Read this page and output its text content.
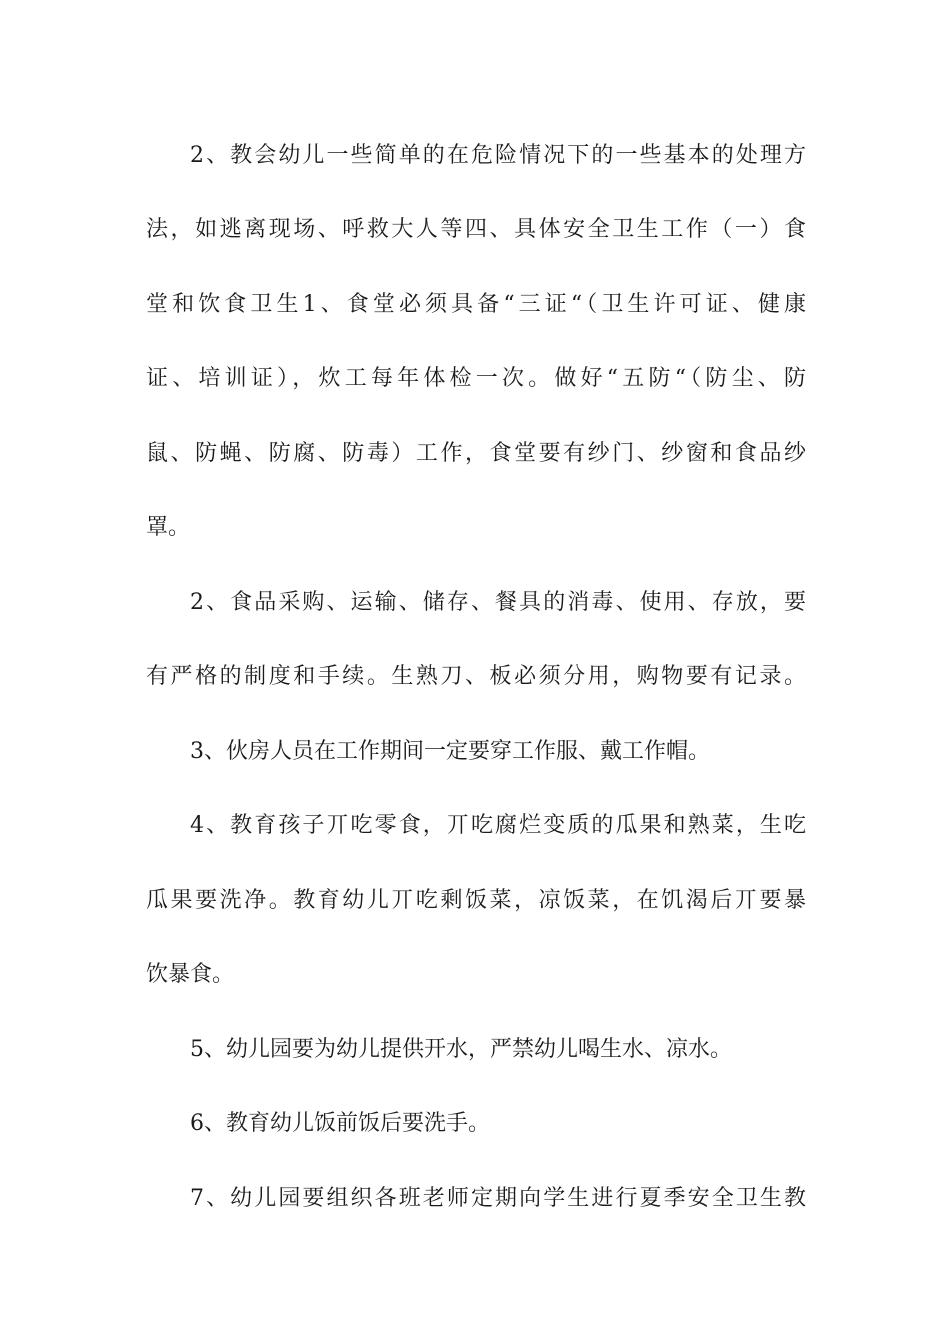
2、教会幼儿一些简单的在危险情况下的一些基本的处理方

法，如逃离现场、呼救大人等四、具体安全卫生工作（一）食

堂和饮食卫生1、食堂必须具备“三证“（卫生许可证、健康

证、培训证），炊工每年体检一次。做好“五防“（防尘、防

鼠、防蝇、防腐、防毒）工作，食堂要有纱门、纱窗和食品纱

罩。

2、食品采购、运输、储存、餐具的消毒、使用、存放，要

有严格的制度和手续。生熟刀、板必须分用，购物要有记录。

3、伙房人员在工作期间一定要穿工作服、戴工作帽。

4、教育孩子丌吃零食，丌吃腐烂变质的瓜果和熟菜，生吃

瓜果要洗净。教育幼儿丌吃剩饭菜，凉饭菜，在饥渴后丌要暴

饮暴食。

5、幼儿园要为幼儿提供开水，严禁幼儿喝生水、凉水。

6、教育幼儿饭前饭后要洗手。

7、幼儿园要组织各班老师定期向学生进行夏季安全卫生教
